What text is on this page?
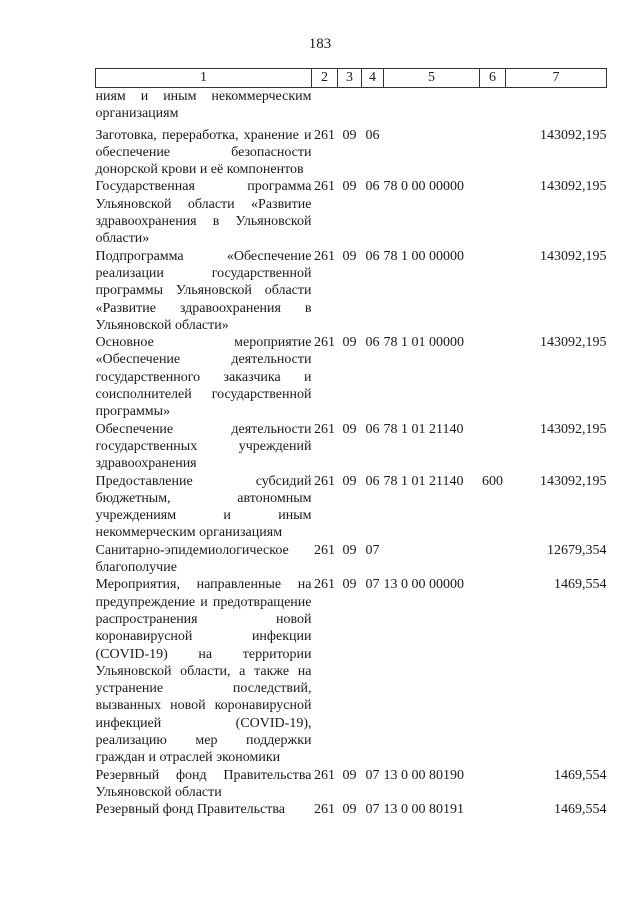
183
1	2	3	4	5	6	7
ниям и иным некоммерческим организациям						

Заготовка, переработка, хранение и обеспечение безопасности донорской крови и её компонентов	261	09	06			143092,195
Государственная программа Ульяновской области «Развитие здравоохранения в Ульяновской области»	261	09	06	78 0 00 00000		143092,195
Подпрограмма «Обеспечение реализации государственной программы Ульяновской области «Развитие здравоохранения в Ульяновской области»	261	09	06	78 1 00 00000		143092,195
Основное мероприятие «Обеспечение деятельности государственного заказчика и соисполнителей государственной программы»	261	09	06	78 1 01 00000		143092,195
Обеспечение деятельности государственных учреждений здравоохранения	261	09	06	78 1 01 21140		143092,195
Предоставление субсидий бюджетным, автономным учреждениям и иным некоммерческим организациям	261	09	06	78 1 01 21140	600	143092,195
Санитарно-эпидемиологическое благополучие	261	09	07			12679,354
Мероприятия, направленные на предупреждение и предотвращение распространения новой коронавирусной инфекции (COVID-19) на территории Ульяновской области, а также на устранение последствий, вызванных новой коронавирусной инфекцией (COVID-19), реализацию мер поддержки граждан и отраслей экономики	261	09	07	13 0 00 00000		1469,554
Резервный фонд Правительства Ульяновской области	261	09	07	13 0 00 80190		1469,554
Резервный фонд Правительства	261	09	07	13 0 00 80191		1469,554
